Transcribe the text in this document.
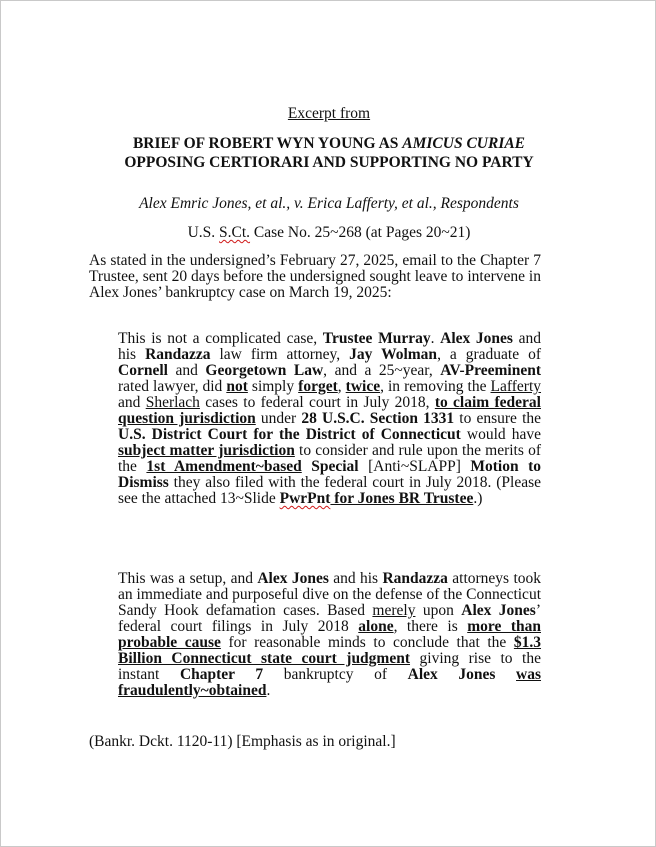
Excerpt from
BRIEF OF ROBERT WYN YOUNG AS AMICUS CURIAE OPPOSING CERTIORARI AND SUPPORTING NO PARTY
Alex Emric Jones, et al., v. Erica Lafferty, et al., Respondents
U.S. S.Ct. Case No. 25~268 (at Pages 20~21)
As stated in the undersigned’s February 27, 2025, email to the Chapter 7 Trustee, sent 20 days before the undersigned sought leave to intervene in Alex Jones’ bankruptcy case on March 19, 2025:
This is not a complicated case, Trustee Murray. Alex Jones and his Randazza law firm attorney, Jay Wolman, a graduate of Cornell and Georgetown Law, and a 25~year, AV-Preeminent rated lawyer, did not simply forget, twice, in removing the Lafferty and Sherlach cases to federal court in July 2018, to claim federal question jurisdiction under 28 U.S.C. Section 1331 to ensure the U.S. District Court for the District of Connecticut would have subject matter jurisdiction to consider and rule upon the merits of the 1st Amendment~based Special [Anti~SLAPP] Motion to Dismiss they also filed with the federal court in July 2018. (Please see the attached 13~Slide PwrPnt for Jones BR Trustee.)
This was a setup, and Alex Jones and his Randazza attorneys took an immediate and purposeful dive on the defense of the Connecticut Sandy Hook defamation cases. Based merely upon Alex Jones’ federal court filings in July 2018 alone, there is more than probable cause for reasonable minds to conclude that the $1.3 Billion Connecticut state court judgment giving rise to the instant Chapter 7 bankruptcy of Alex Jones was fraudulently~obtained.
(Bankr. Dckt. 1120-11) [Emphasis as in original.]
